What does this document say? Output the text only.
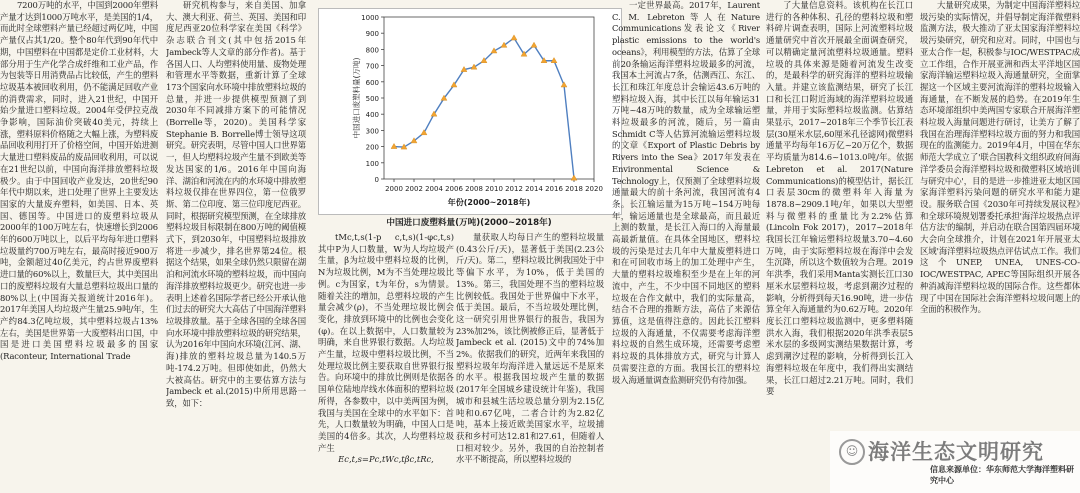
7200万吨的水平，中国到2000年塑料产量才达到1000万吨水平，是美国的1/4，而此时全球塑料产量已经超过两亿吨，中国产量仅占其1/20。整个80年代到90年代中期，中国塑料在中国都是定价工业材料，大部分用于生产化学合成纤维和工业产品，作为包装等日用消费品占比较低，产生的塑料垃圾基本被回收利用，仍不能满足回收产业的消费需求，同时，进入21世纪，中国开始少量进口塑料垃圾。2004年受伊拉克战争影响，国际油价突破40美元，持续上涨，塑料原料价格随之大幅上涨，为塑料废品回收利用打开了价格空间，中国开始进测大量进口塑料废品的废品回收利用，可以说在21世纪以前，中国向海洋排放塑料垃圾极少。由于中国回收产业发达，20世纪90年代中期以来，进口处理了世界上主要发达国家的大量废弃塑料，如美国、日本、英国、德国等。中国进口的废塑料垃圾从2000年的100万吨左右，快速增长到2006年的600万吨以上，以后平均每年进口塑料垃圾量约700万吨左右，最高时接近900万吨，金额超过40亿美元，约占世界废塑料进口量的60%以上，数量巨大，其中美国出口的废塑料垃圾有大量总塑料垃圾出口量的80%以上(中国海关报道统计2016年)。2017年美国人均垃圾产生量25.9吨/年，生产约84.3亿吨垃圾，其中塑料垃圾占13%左右，美国是世界第一大废塑料出口国，中国是进口美国塑料垃圾最多的国家(Raconteur, International Trade

研究机构参与，来自美国、加拿大、澳大利亚、荷兰、英国、美国和印度尼西亚20位科学家在美国《科学》杂志联合刊文(其中包括2015年Jambeck等人文章的部分作者)。基于各国人口、人均塑料使用量、废物处理和管理水平等数据，重新计算了全球173个国家向水环境中排放塑料垃圾的总量，并进一步提供模型预测了到2030年不同减排方案下的可能情况(Borrelle等，2020)。美国科学家Stephanie B. Borrelle博士领导这项研究。研究表明，尽管中国人口世界第一，但人均塑料垃圾产生量不到欧美等发达国家的1/6。2016年中国向海洋、湖泊和河流在内的水环境中排放塑料垃圾仅排在世界四位，第一位俄罗斯、第二位印度、第三位印度尼西亚。同时，根据研究模型预测，在全球排放塑料垃圾目标限制在800万吨的阈值模式下，到2030年，中国塑料垃圾排放将进一步减少，排名世界第24位。根据这个结果，如果全球仍然只限留在湖泊和河流水环境的塑料垃圾，而中国向海洋排放塑料垃圾更少。研究也进一步表明上述着名国际学者已经公开承认他们过去的研究大大高估了中国海洋塑料垃圾排放量。基于全球各国的全球各国向水环境中排放塑料垃圾的研究结果，认为2016年中国向水环境(江河、湖、海)排放的塑料垃圾总量为140.5万吨-174.2万吨。但即使如此，仍然大大被高估。研究中的主要估算方法与Jambeck et al.(2015)中所用思路一致，如下：

0
100
200
300
400
500
600
700
800
900
1000
2000 2002 2004 2006 2008 2010 2012 2014 2016 2018 2020
年份(2000~2018年)
中国进口废塑料量(万吨)
中国进口废塑料量(万吨)(2000~2018年)

tMc,t,s(1-p c,t,s)(1-φc,t,s) 其中P为人口数量，W为人均垃圾产生量，β为垃圾中塑料垃圾的比例，N为垃圾比例，M为不当处理垃圾比例。c为国家，t为年份，s为情景。随着关注的增加，总塑料垃圾的产生量会减少(ρ)，不当处理垃圾比例会变化，排放到环境中的比例也会变化(φ)。在以上数据中，人口数量较为明确，来自世界银行数据。人均垃圾产生量，垃圾中塑料垃圾比例，不当处理垃圾比例主要获取自世界银行报告。向环境中的排放比例则是依据各国单位陆地岸线水体面积的塑料垃圾所得，各参数中，以中美两国为例，我国与美国在全球中的水平如下：首先，人口数量较为明确，中国人口是美国的4倍多。其次，人均塑料垃圾产生

Ec,t,s=Pc,tWc,tβc,tRc,

量获取人均每日产生的塑料垃圾量(0.43公斤/天)，显著低于美国(2.23公斤/天)。第二，塑料垃圾比例我国处于中等偏下水平，为10%，低于美国的13%。第三，我国处理不当的塑料垃圾比例较低。我国处于世界偏中下水平，低于美国。最后，不当垃圾处理比例，这一研究引用世界银行的报告，我国为23%加2%，该比例被修正后，显著低于Jambeck et al. (2015)文中的74%加2%。依据我们的研究，近两年来我国的塑料垃圾年均海洋进入量远远不是原来的水平。根据我国垃圾产生量的数据(2017年全国城乡建设统计年鉴)，我国城市和县城生活垃圾总量分别为2.15亿吨和0.67亿吨，二者合计约为2.82亿吨，基本上接近欧美国家水平，垃圾捕获和乡村可达12.81和27.61，但随着人口相对较少。另外，我国的自治控制者水平不断提高，所以塑料垃圾的

一定世界最高。2017年，Laurent C. M. Lebreton等人在Nature Communications发表论文《River plastic emissions to the world's oceans》，利用模型的方法，估算了全球前20条输运海洋塑料垃圾最多的河流，我国本土河流占7条，估测西江、东江、长江和珠江年度总计会输运43.6万吨的塑料垃圾入海，其中长江以每年输运31万吨~48万吨的数量，成为全球输运塑料垃圾最多的河流，随后，另一篇由Schmidt C等人估算河流输运塑料垃圾的文章《Export of Plastic Debris by Rivers into the Sea》2017年发表在Environmental Science & Technology上，仅预测了全球塑料垃圾通量最大的前十条河流，我国河流有4条。长江输运量为15万吨~154万吨每年，输运通量也是全球最高，而且最近上测的数量，是长江入海口的入海量最高最新量值。在具体全国地区，塑料垃圾的污染是过去几年中大量废塑料进口和在可回收市场上的加工处理中产生，大量的塑料垃圾堆积至少是在上年的河流中，产生，不少中国不同地区的塑料垃圾在合作文献中，我们的实际量高，结合不合理的推断方法，高估了来源估算值，这是值得注意的。因此长江塑料垃圾的入海通量，不仅需要考虑海洋塑料垃圾的自然生成环境，还需要考虑塑料垃圾的具体排放方式，研究与计算人员需要注意的方面。我国长江的塑料垃圾入海通量调查监测研究仍有待加强。

了大量信息资料。该机构在长江口进行的各种体积、孔径的塑料垃圾和塑料碎片调查表明，国际上河流塑料垃圾通量研究中首次开展最全面调查研究，可以精确定量河流塑料垃圾通量。塑料垃圾的具体来源是随着河流发生改变的，是最科学的研究海洋的塑料垃圾输入量。并建立该监测结果，研究了长江口和长江口附近海域的海洋塑料垃圾通量，并用于实际塑料垃圾监测。估算结果显示，2017~2018年三个季节长江表层(30厘米水层,60厘米孔径滤网)微塑料通量平均每年16万亿~20万亿个，数据平均质量为814.6~1013.0吨/年。依据Lebreton et al. 2017(Nature Communications)的模型估计，据长江口表层30cm的微塑料年入海量为1878.8~2909.1吨/年，如果以大型塑料与微塑料的重量比为2.2%估算(Lincoln Fok 2017)，2017~2018年我国长江年输运塑料垃圾量3.70~4.60万吨，由于实际塑料垃圾在海洋中会发生沉降，所以这个数值较为合理。2019年洪季，我们采用Manta实测长江口30厘米水层塑料垃圾，考虑到潮汐过程的影响，分析得到每天16.90吨，进一步估算全年入海通量约为0.62万吨。2020年度长江口塑料垃圾监测中，更多塑料随洪水入海，我们根据2020年洪季表层5米水层的多级网实测结果数据计算，考虑到潮汐过程的影响，分析得到长江入海塑料垃圾在年度中，我们得出实测结果，长江口超过2.21万吨。同时，我们要

大量研究成果，为制定中国海洋塑料垃圾污染的实际情况，并倡导制定海洋微塑料监测方法，极大推动了亚太国家海洋塑料垃圾污染研究，研究和应对。同时，中国也与亚太合作一起，积极参与IOC/WESTPAC成立工作组，合作开展亚洲和西太平洋地区国家海洋输运塑料垃圾入海通量研究，全面掌握这一个区域主要河流海洋的塑料垃圾输入海通量，在不断发展的趋势。在2019年生态环境部组织中美两国专家联合开展海洋塑料垃圾入海量问题进行研讨，让美方了解了我国在治理海洋塑料垃圾方面的努力和我国现在的监测能力。2019年4月，中国在华东师范大学成立了'联合国教科文组织政府间海洋学委员会海洋塑料垃圾和微塑料区域培训与研究中心'，目的是进一步推进亚太地区国家海洋塑料污染问题的研究水平和能力建设。服务联合国《2030年可持续发展议程》和全球环境规划署委托承担'海洋垃圾热点评估方法'的编制，并启动在联合国第四届环境大会向全球推介，计划在2021年开展亚太区域'海洋塑料垃圾热点评估试点工作。我们这个UNEP, UNEA, UNES-CO-IOC/WESTPAC, APEC等国际组织开展各种消减海洋塑料垃圾的国际合作。这些都体现了中国在国际社会海洋塑料垃圾问题上的全面的积极作为。

☺ 海洋生态文明研究
信息来源单位：华东师范大学海洋塑料研究中心
